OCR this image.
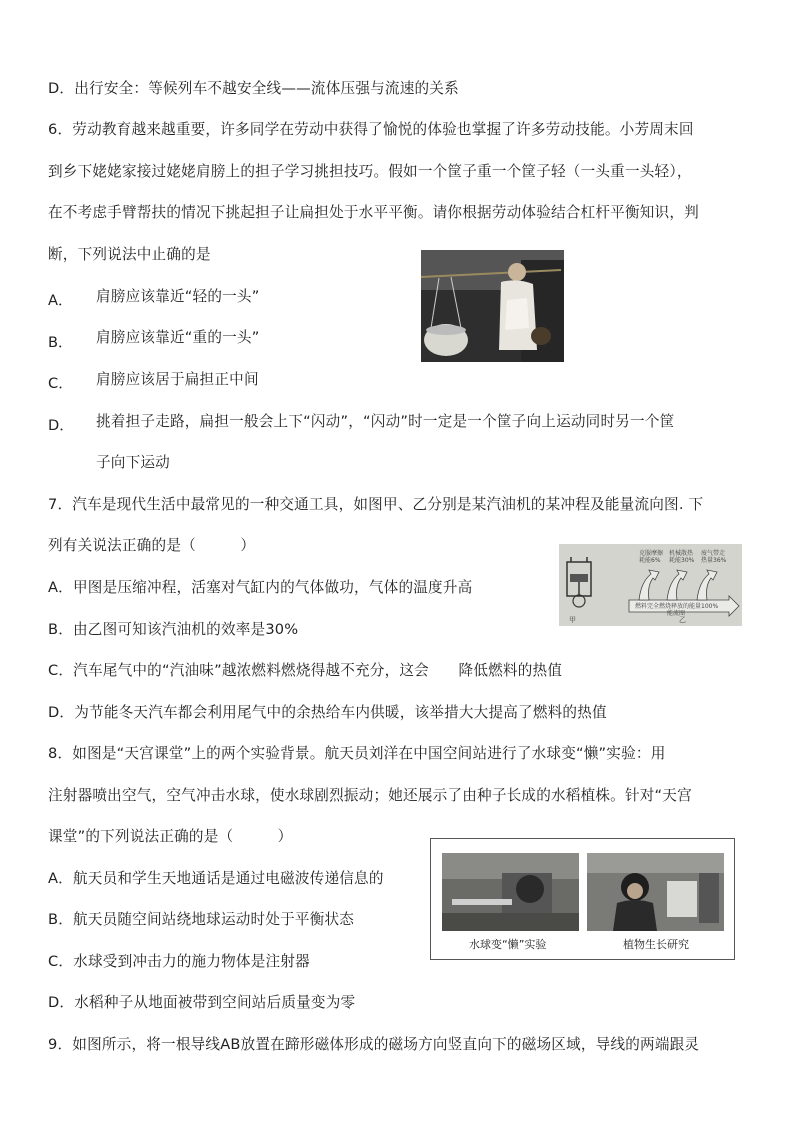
D．出行安全：等候列车不越安全线——流体压强与流速的关系
6．劳动教育越来越重要，许多同学在劳动中获得了愉悦的体验也掌握了许多劳动技能。小芳周末回
到乡下姥姥家接过姥姥肩膀上的担子学习挑担技巧。假如一个筐子重一个筐子轻（一头重一头轻），
在不考虑手臂帮扶的情况下挑起担子让扁担处于水平平衡。请你根据劳动体验结合杠杆平衡知识，判
断，下列说法中止确的是
A． 肩膀应该靠近“轻的一头”
B． 肩膀应该靠近“重的一头”
C． 肩膀应该居于扁担正中间
D． 挑着担子走路，扁担一般会上下“闪动”，“闪动”时一定是一个筐子向上运动同时另一个筐
子向下运动
7．汽车是现代生活中最常见的一种交通工具，如图甲、乙分别是某汽油机的某冲程及能量流向图. 下
列有关说法正确的是（　　　）	克服摩擦
耗能6%
机械散热
耗能30%
废气带走
热量36%
燃料完全燃烧释放的能量100%
能流图
甲	乙
A．甲图是压缩冲程，活塞对气缸内的气体做功，气体的温度升高
B．由乙图可知该汽油机的效率是30%
C．汽车尾气中的“汽油味”越浓燃料燃烧得越不充分，这会　　降低燃料的热值
D．为节能冬天汽车都会利用尾气中的余热给车内供暖，该举措大大提高了燃料的热值
8．如图是“天宫课堂”上的两个实验背景。航天员刘洋在中国空间站进行了水球变“懒”实验：用
注射器喷出空气，空气冲击水球，使水球剧烈振动；她还展示了由种子长成的水稻植株。针对“天宫
课堂”的下列说法正确的是（　　　）
水球变“懒”实验	植物生长研究
A．航天员和学生天地通话是通过电磁波传递信息的
B．航天员随空间站绕地球运动时处于平衡状态
C．水球受到冲击力的施力物体是注射器
D．水稻种子从地面被带到空间站后质量变为零
9．如图所示，将一根导线AB放置在蹄形磁体形成的磁场方向竖直向下的磁场区域，导线的两端跟灵
